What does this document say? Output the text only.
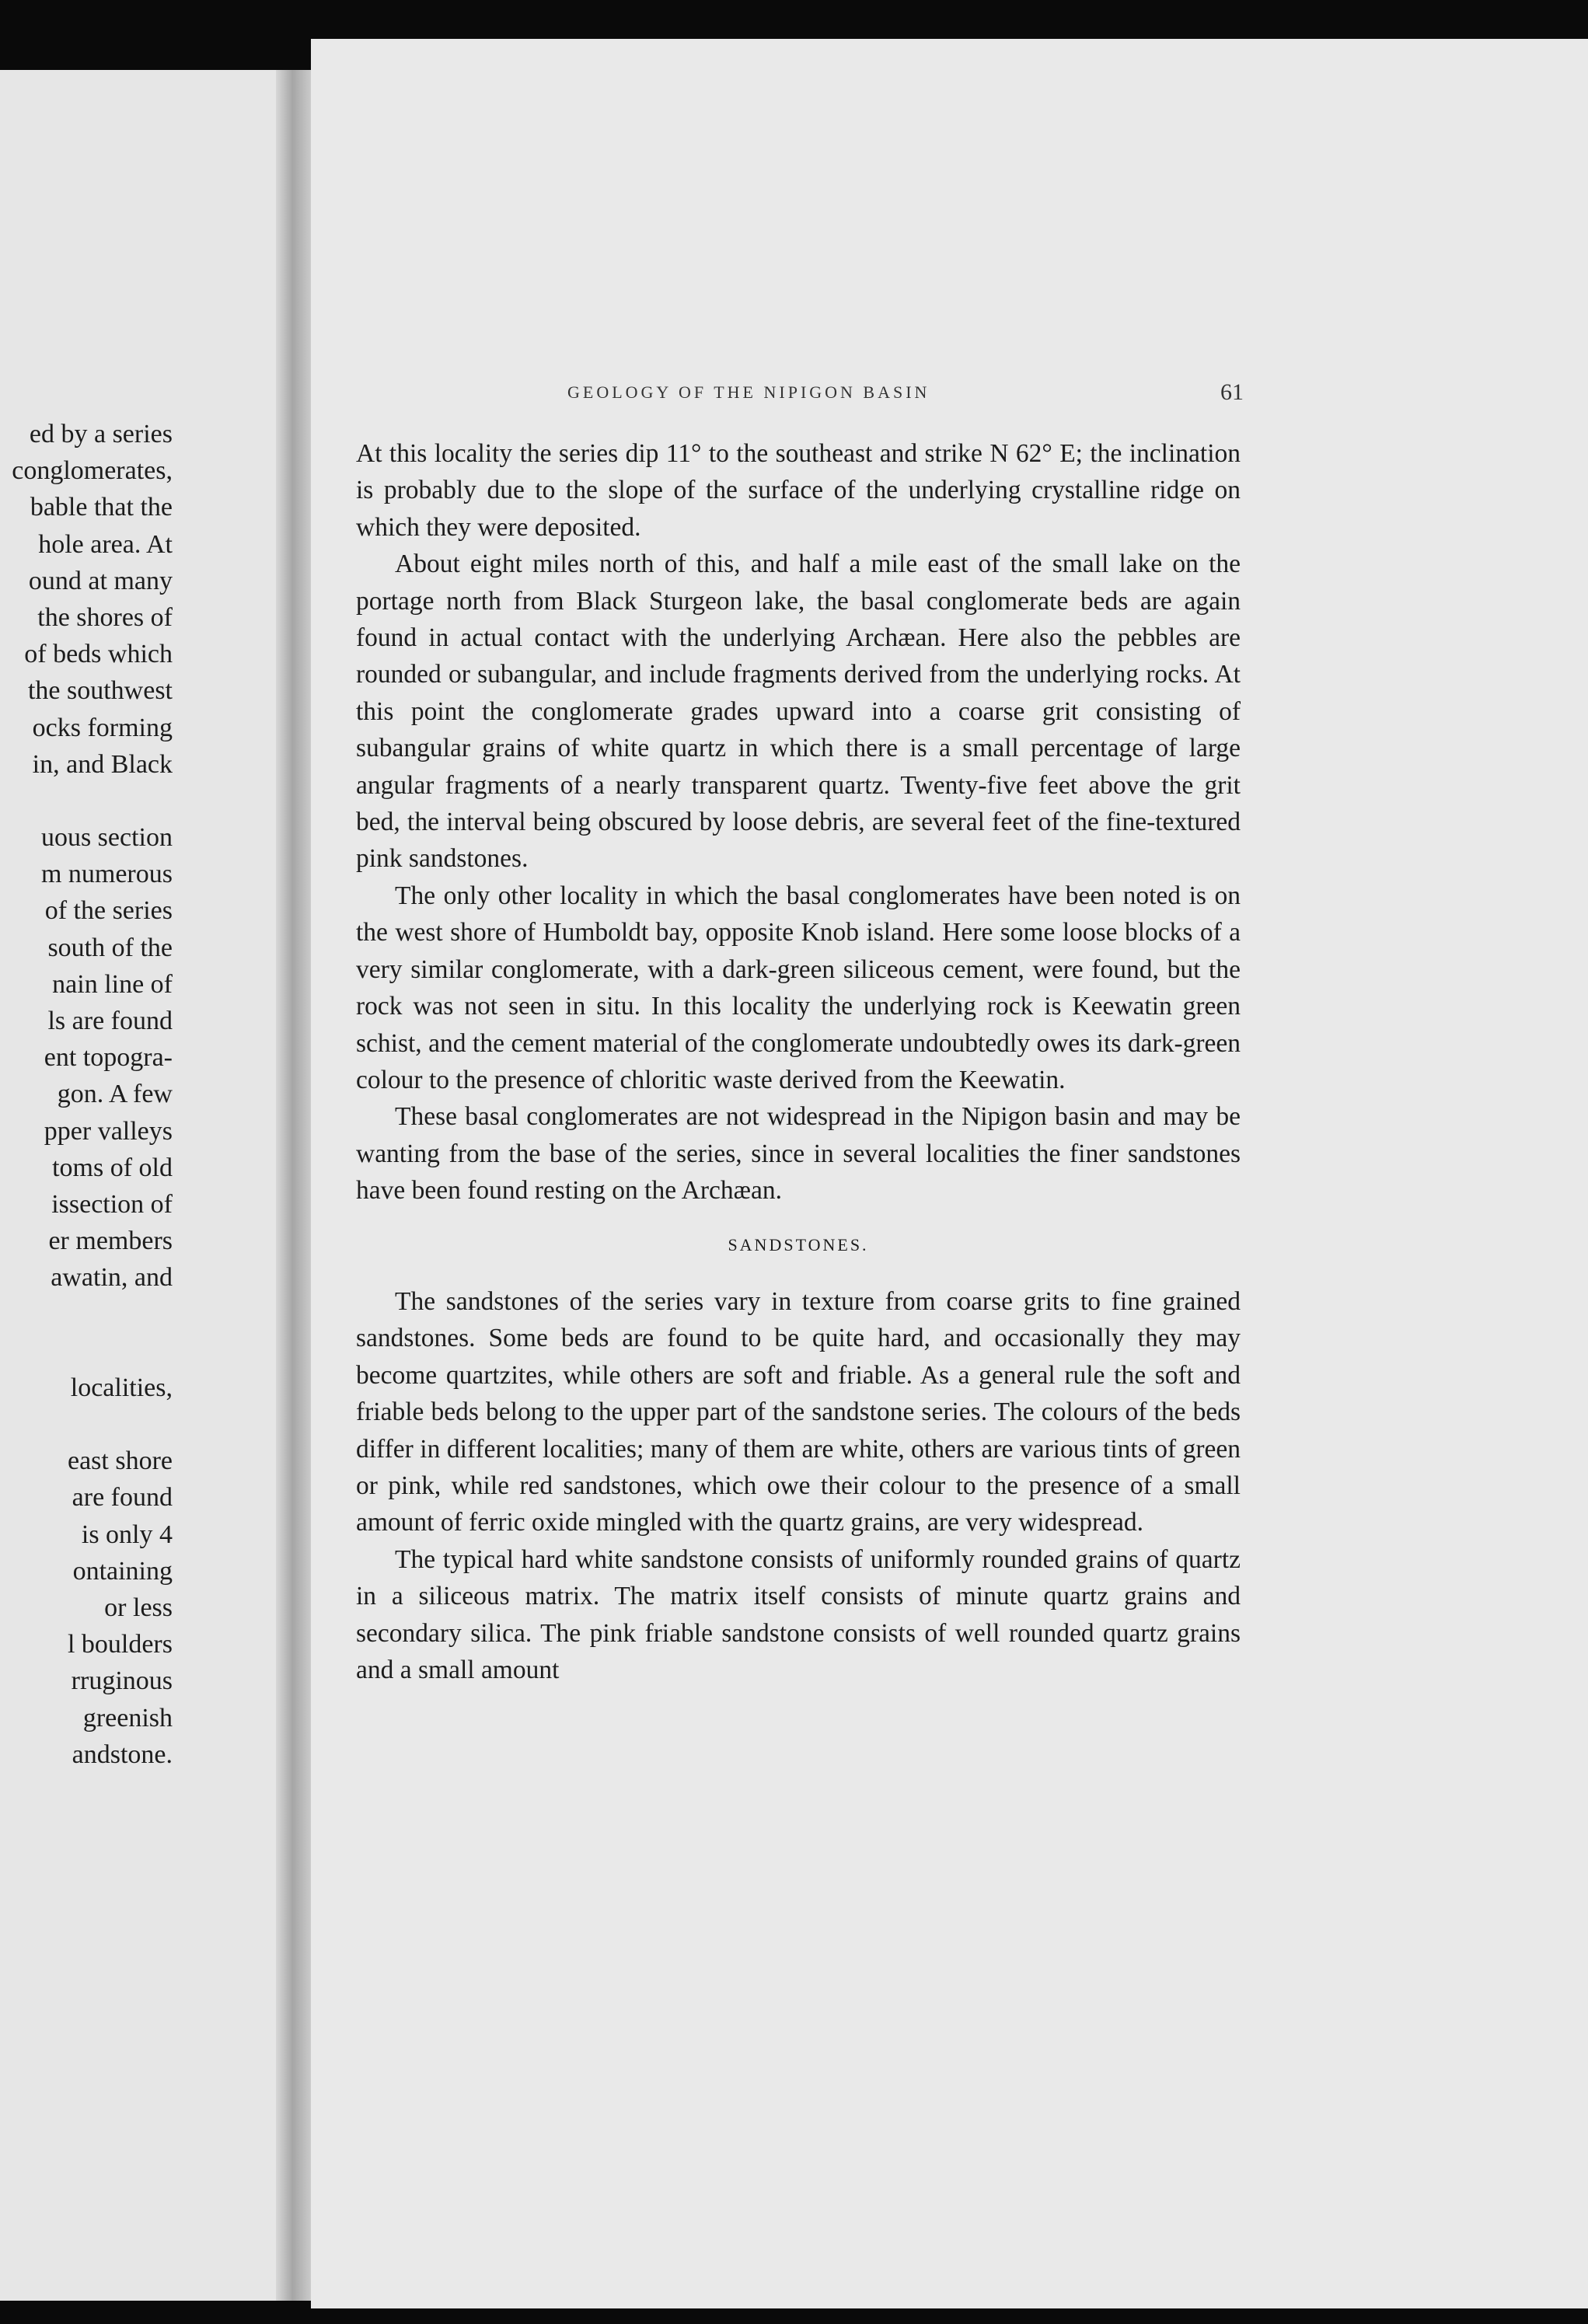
ed by a series
conglomerates,
bable that the
hole area. At
ound at many
the shores of
of beds which
the southwest
ocks forming
in, and Black
uous section
m numerous
of the series
south of the
nain line of
ls are found
ent topogra-
gon. A few
pper valleys
toms of old
issection of
er members
awatin, and
localities,
east shore
are found
is only 4
ontaining
or less
l boulders
rruginous
greenish
andstone.
GEOLOGY OF THE NIPIGON BASIN	61

At this locality the series dip 11° to the southeast and strike N 62° E; the inclination is probably due to the slope of the surface of the underlying crystalline ridge on which they were deposited.

About eight miles north of this, and half a mile east of the small lake on the portage north from Black Sturgeon lake, the basal conglomerate beds are again found in actual contact with the underlying Archæan. Here also the pebbles are rounded or subangular, and include fragments derived from the underlying rocks. At this point the conglomerate grades upward into a coarse grit consisting of subangular grains of white quartz in which there is a small percentage of large angular fragments of a nearly transparent quartz. Twenty-five feet above the grit bed, the interval being obscured by loose debris, are several feet of the fine-textured pink sandstones.

The only other locality in which the basal conglomerates have been noted is on the west shore of Humboldt bay, opposite Knob island. Here some loose blocks of a very similar conglomerate, with a dark-green siliceous cement, were found, but the rock was not seen in situ. In this locality the underlying rock is Keewatin green schist, and the cement material of the conglomerate undoubtedly owes its dark-green colour to the presence of chloritic waste derived from the Keewatin.

These basal conglomerates are not widespread in the Nipigon basin and may be wanting from the base of the series, since in several localities the finer sandstones have been found resting on the Archæan.

SANDSTONES.

The sandstones of the series vary in texture from coarse grits to fine grained sandstones. Some beds are found to be quite hard, and occasionally they may become quartzites, while others are soft and friable. As a general rule the soft and friable beds belong to the upper part of the sandstone series. The colours of the beds differ in different localities; many of them are white, others are various tints of green or pink, while red sandstones, which owe their colour to the presence of a small amount of ferric oxide mingled with the quartz grains, are very widespread.

The typical hard white sandstone consists of uniformly rounded grains of quartz in a siliceous matrix. The matrix itself consists of minute quartz grains and secondary silica. The pink friable sandstone consists of well rounded quartz grains and a small amount
